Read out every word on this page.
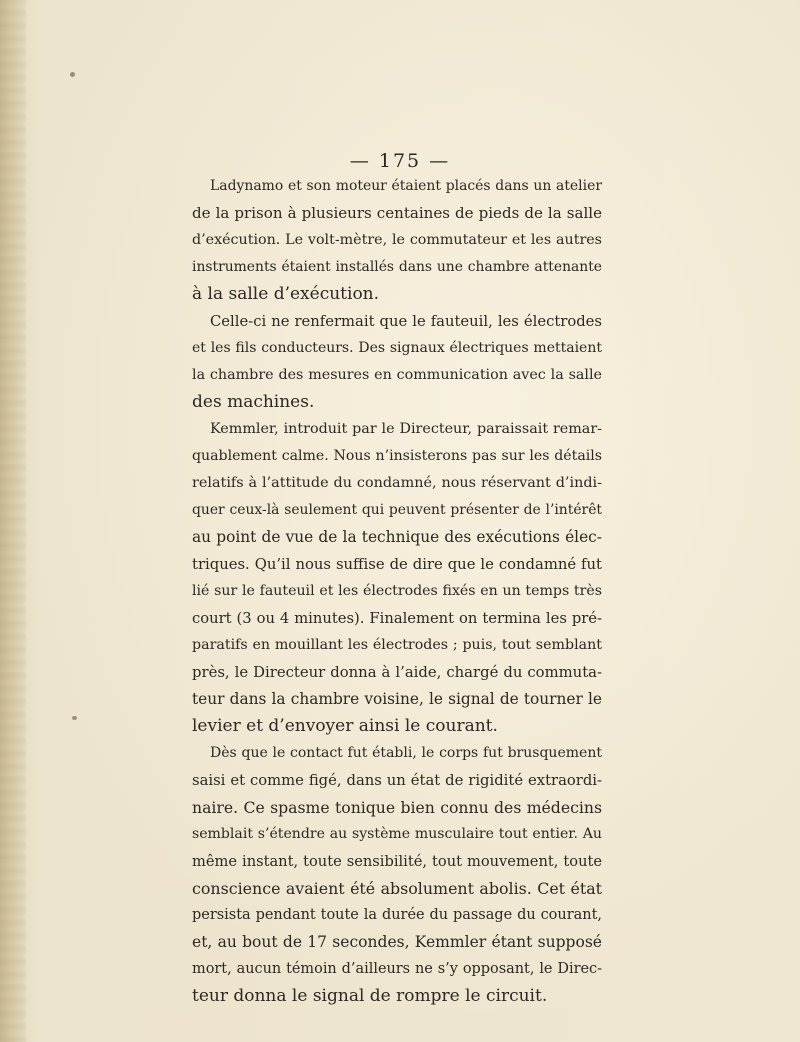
— 175 —
Ladynamo et son moteur étaient placés dans un atelier
de la prison à plusieurs centaines de pieds de la salle
d’exécution. Le volt-mètre, le commutateur et les autres
instruments étaient installés dans une chambre attenante
à la salle d’exécution.
Celle-ci ne renfermait que le fauteuil, les électrodes
et les fils conducteurs. Des signaux électriques mettaient
la chambre des mesures en communication avec la salle
des machines.
Kemmler, introduit par le Directeur, paraissait remar-
quablement calme. Nous n’insisterons pas sur les détails
relatifs à l’attitude du condamné, nous réservant d’indi-
quer ceux-là seulement qui peuvent présenter de l’intérêt
au point de vue de la technique des exécutions élec-
triques. Qu’il nous suffise de dire que le condamné fut
lié sur le fauteuil et les électrodes fixés en un temps très
court (3 ou 4 minutes). Finalement on termina les pré-
paratifs en mouillant les électrodes ; puis, tout semblant
près, le Directeur donna à l’aide, chargé du commuta-
teur dans la chambre voisine, le signal de tourner le
levier et d’envoyer ainsi le courant.
Dès que le contact fut établi, le corps fut brusquement
saisi et comme figé, dans un état de rigidité extraordi-
naire. Ce spasme tonique bien connu des médecins
semblait s’étendre au système musculaire tout entier. Au
même instant, toute sensibilité, tout mouvement, toute
conscience avaient été absolument abolis. Cet état
persista pendant toute la durée du passage du courant,
et, au bout de 17 secondes, Kemmler étant supposé
mort, aucun témoin d’ailleurs ne s’y opposant, le Direc-
teur donna le signal de rompre le circuit.
